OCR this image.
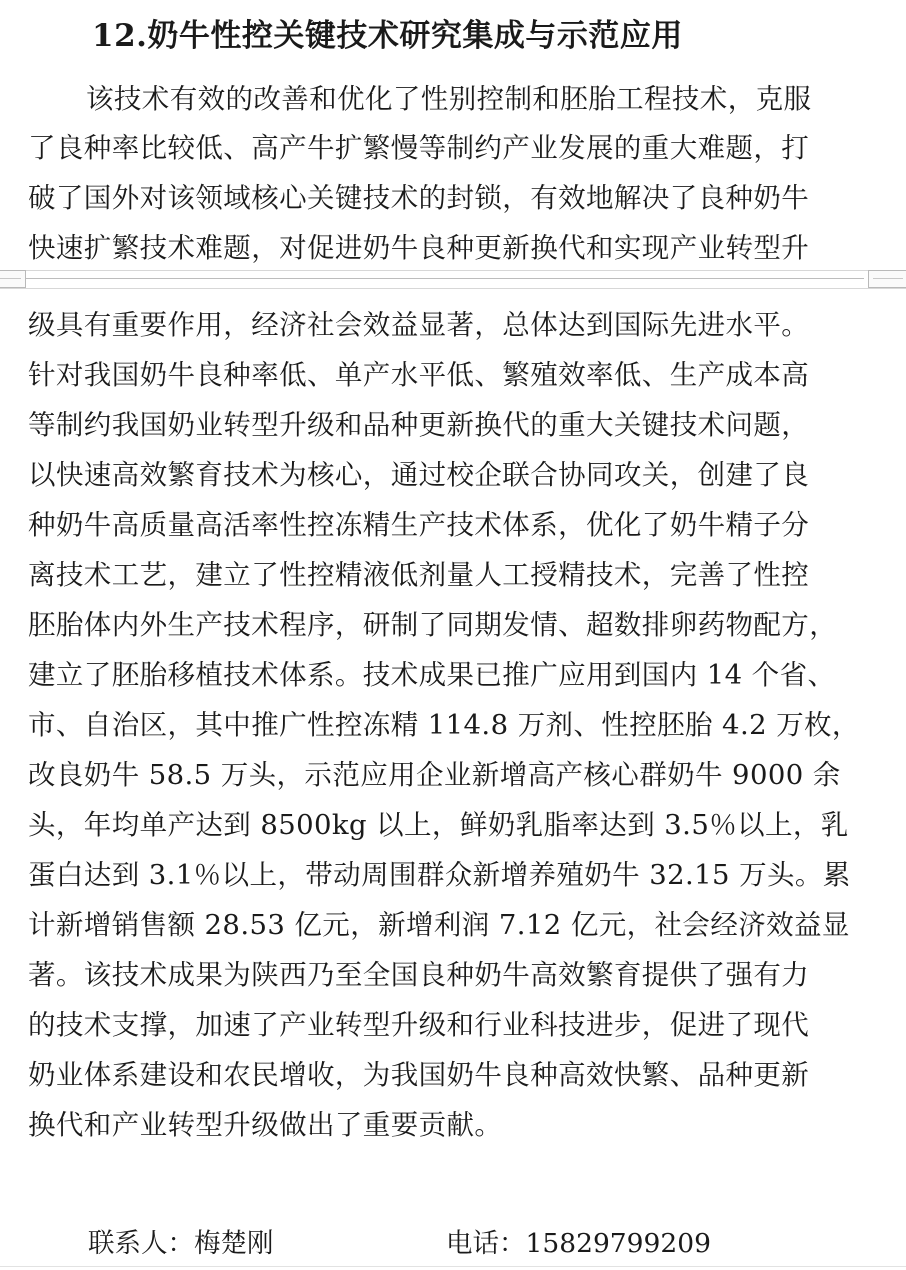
12.奶牛性控关键技术研究集成与示范应用
该技术有效的改善和优化了性别控制和胚胎工程技术，克服
了良种率比较低、高产牛扩繁慢等制约产业发展的重大难题，打
破了国外对该领域核心关键技术的封锁，有效地解决了良种奶牛
快速扩繁技术难题，对促进奶牛良种更新换代和实现产业转型升
级具有重要作用，经济社会效益显著，总体达到国际先进水平。
针对我国奶牛良种率低、单产水平低、繁殖效率低、生产成本高
等制约我国奶业转型升级和品种更新换代的重大关键技术问题，
以快速高效繁育技术为核心，通过校企联合协同攻关，创建了良
种奶牛高质量高活率性控冻精生产技术体系，优化了奶牛精子分
离技术工艺，建立了性控精液低剂量人工授精技术，完善了性控
胚胎体内外生产技术程序，研制了同期发情、超数排卵药物配方，
建立了胚胎移植技术体系。技术成果已推广应用到国内 14 个省、
市、自治区，其中推广性控冻精 114.8 万剂、性控胚胎 4.2 万枚，
改良奶牛 58.5 万头，示范应用企业新增高产核心群奶牛 9000 余
头，年均单产达到 8500kg 以上，鲜奶乳脂率达到 3.5％以上，乳
蛋白达到 3.1％以上，带动周围群众新增养殖奶牛 32.15 万头。累
计新增销售额 28.53 亿元，新增利润 7.12 亿元，社会经济效益显
著。该技术成果为陕西乃至全国良种奶牛高效繁育提供了强有力
的技术支撑，加速了产业转型升级和行业科技进步，促进了现代
奶业体系建设和农民增收，为我国奶牛良种高效快繁、品种更新
换代和产业转型升级做出了重要贡献。
联系人：梅楚刚	电话：15829799209
